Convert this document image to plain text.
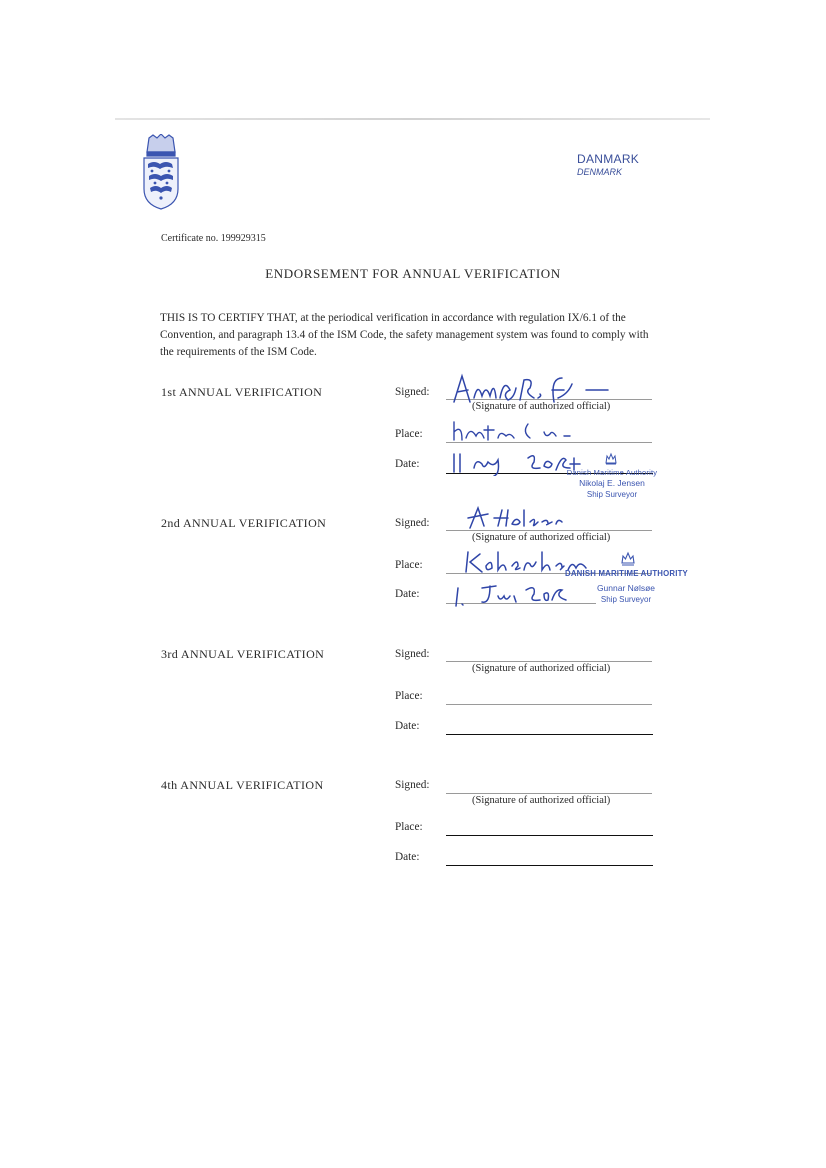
DANMARK
DENMARK
Certificate no. 199929315
ENDORSEMENT FOR ANNUAL VERIFICATION

THIS IS TO CERTIFY THAT, at the periodical verification in accordance with regulation IX/6.1 of the Convention, and paragraph 13.4 of the ISM Code, the safety management system was found to comply with the requirements of the ISM Code.

1st ANNUAL VERIFICATION	Signed:
(Signature of authorized official)
Place:
Date:
Danish Maritime Authority
Nikolaj E. Jensen
Ship Surveyor
2nd ANNUAL VERIFICATION	Signed:
(Signature of authorized official)
Place:
DANISH MARITIME AUTHORITY
Gunnar Nølsøe
Ship Surveyor
Date:
3rd ANNUAL VERIFICATION	Signed:
(Signature of authorized official)
Place:
Date:
4th ANNUAL VERIFICATION	Signed:
(Signature of authorized official)
Place:
Date:
